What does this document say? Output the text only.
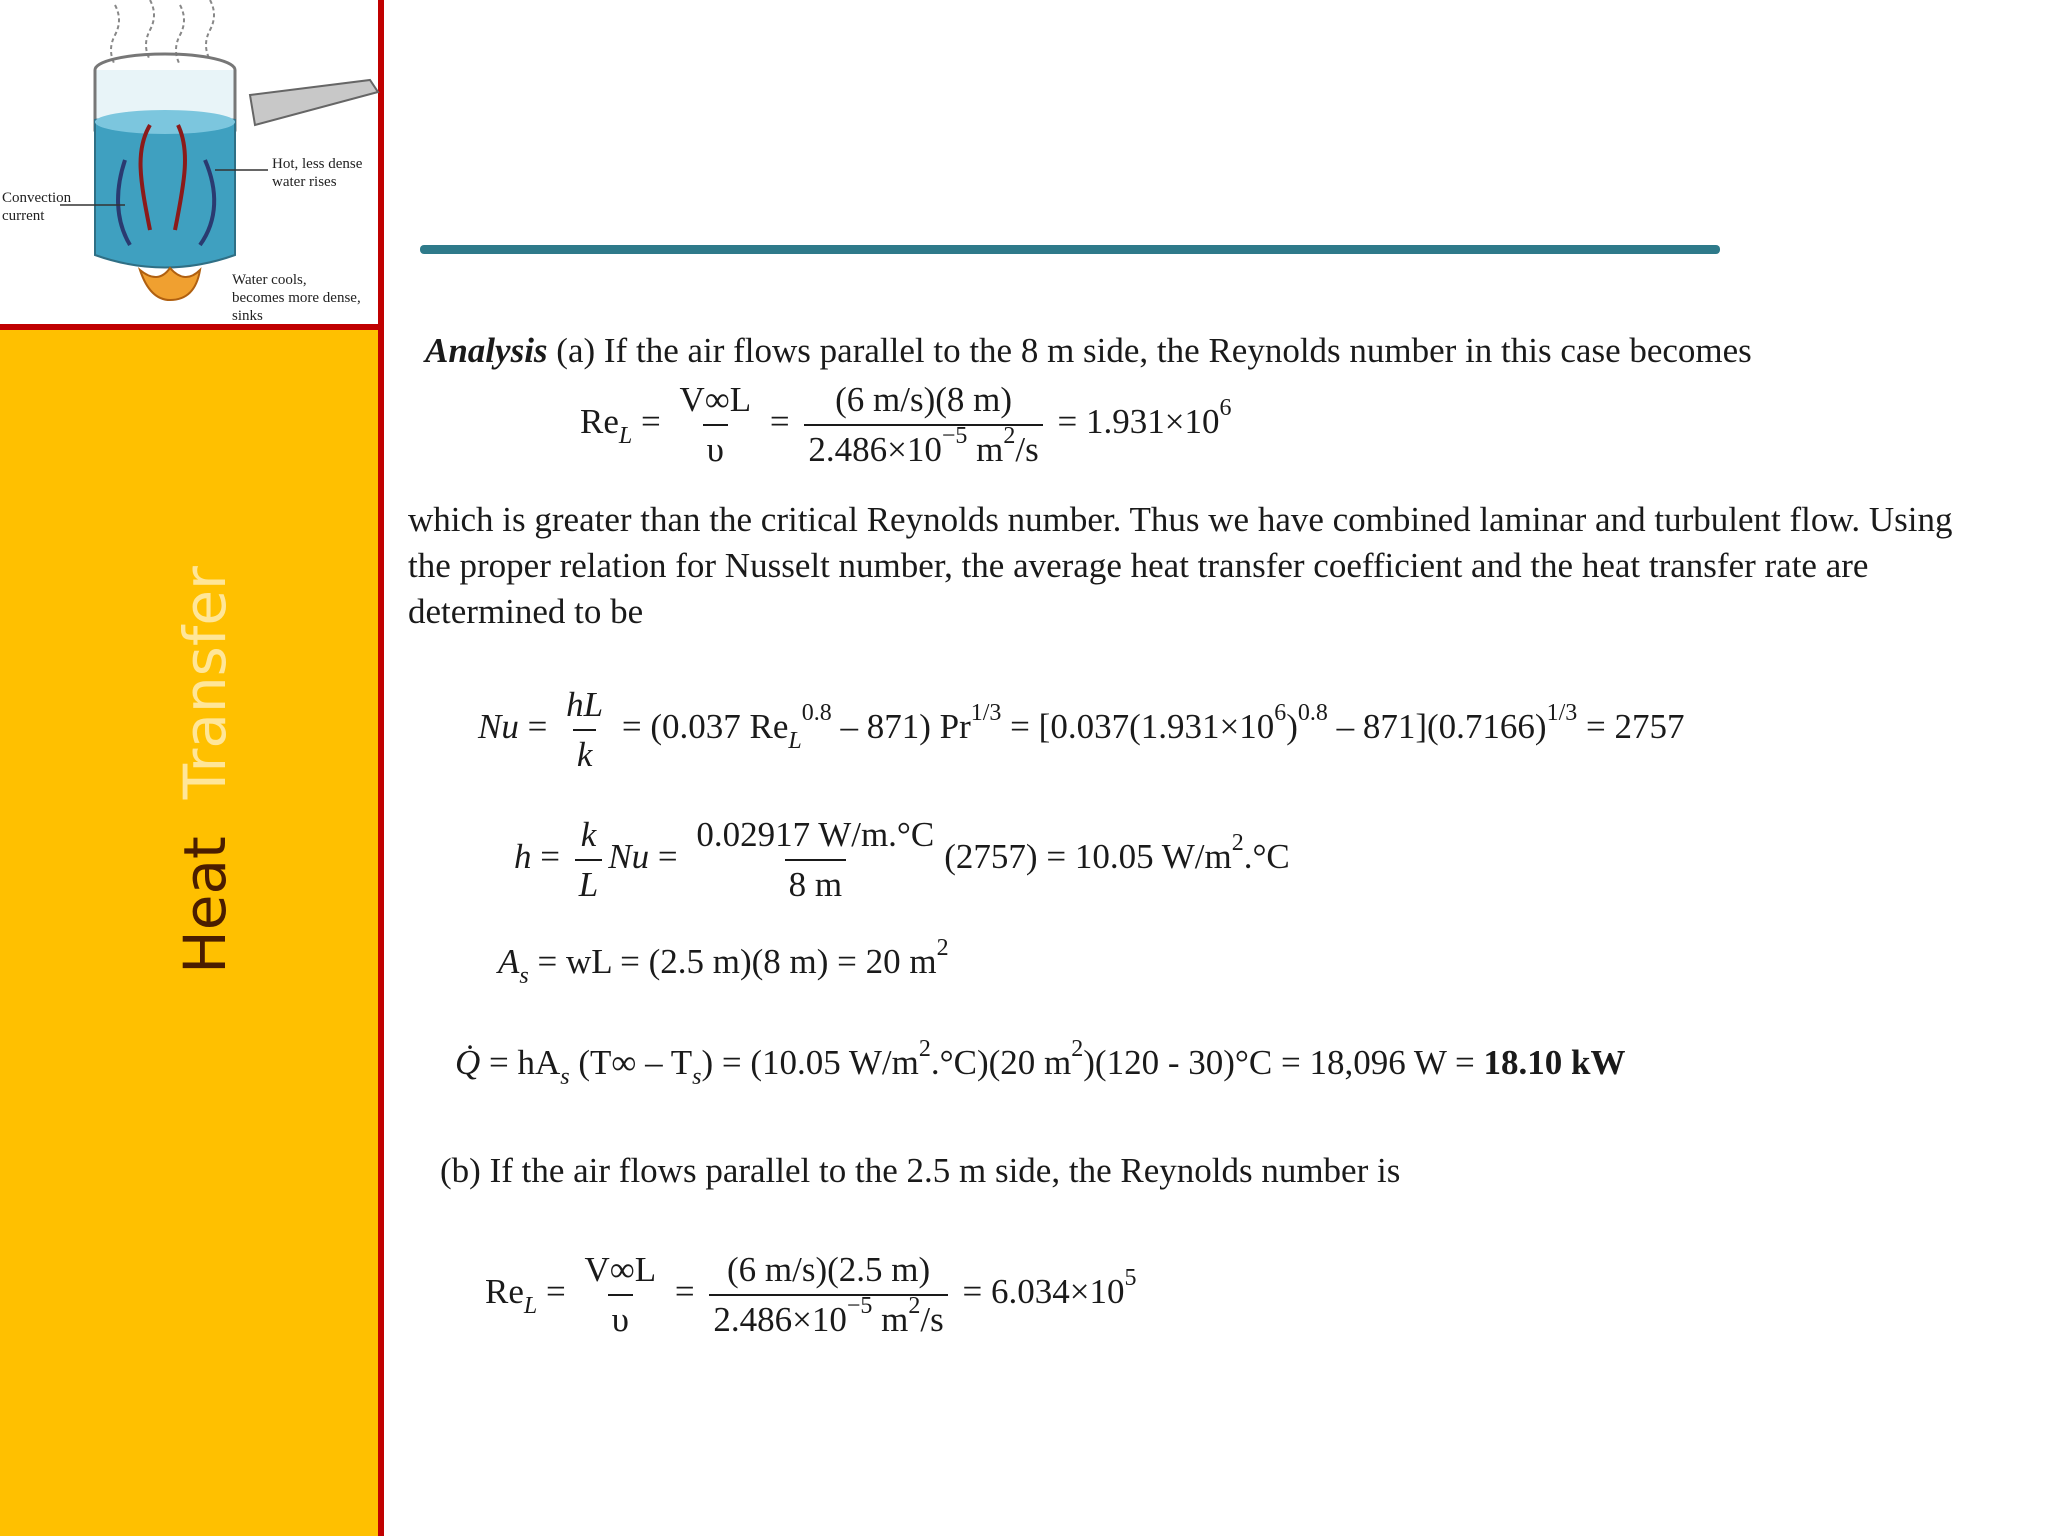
Convection
current
Hot, less dense
water rises
Water cools,
becomes more dense,
sinks
Heat  Transfer
Analysis (a) If the air flows parallel to the 8 m side, the Reynolds number in this case becomes
$Re_L = \frac{V\infty L}{\upsilon} = \frac{(6 m/s)(8 m)}{2.486\times 10^{-5} m^2/s} = 1.931\times 10^6$
which is greater than the critical Reynolds number. Thus we have combined laminar and turbulent flow. Using the proper relation for Nusselt number, the average heat transfer coefficient and the heat transfer rate are determined to be
$Nu = \frac{hL}{k} = (0.037$ $Re_L^{0.8} - 871$) $Pr^{1/3} = [0.037(1.931\times 10^6)^{0.8} - 871](0.7166)^{1/3} = 2757$
$h = \frac{k}{L}$ $Nu = \frac{0.02917 W/m.^\circ C}{8 m} (2757) = 10.05$ $W/m^2.^\circ C$
$A_s$ = wL = (2.5 m)(8 m) = 20 $m^2$
Q̇ = $hA_s$ $(T\infty - T_s) = (10.05$ $W/m^2.^\circ C)(20$ $m^2)(120 - 30)^\circ C = 18,096$ W = 18.10 kW
(b) If the air flows parallel to the 2.5 m side, the Reynolds number is
$Re_L = \frac{V\infty L}{\upsilon} = \frac{(6 m/s)(2.5 m)}{2.486\times 10^{-5} m^2/s} = 6.034\times 10^5$
